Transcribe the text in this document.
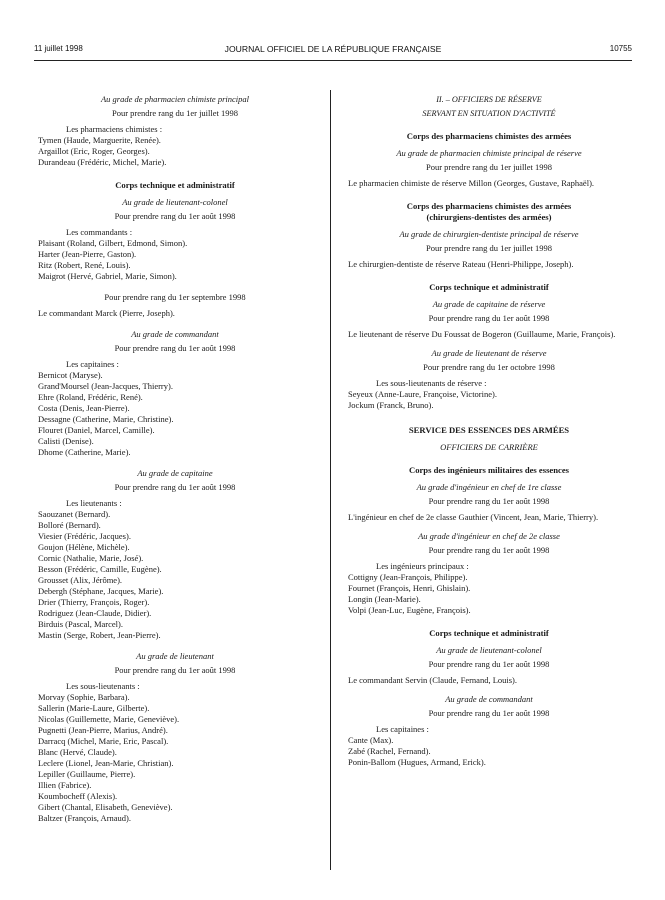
11 juillet 1998	JOURNAL OFFICIEL DE LA RÉPUBLIQUE FRANÇAISE	10755
Au grade de pharmacien chimiste principal
Pour prendre rang du 1er juillet 1998
Les pharmaciens chimistes :
Tymen (Haude, Marguerite, Renée).
Argaillot (Eric, Roger, Georges).
Durandeau (Frédéric, Michel, Marie).
Corps technique et administratif
Au grade de lieutenant-colonel
Pour prendre rang du 1er août 1998
Les commandants :
Plaisant (Roland, Gilbert, Edmond, Simon).
Harter (Jean-Pierre, Gaston).
Ritz (Robert, René, Louis).
Maigrot (Hervé, Gabriel, Marie, Simon).
Pour prendre rang du 1er septembre 1998
Le commandant Marck (Pierre, Joseph).
Au grade de commandant
Pour prendre rang du 1er août 1998
Les capitaines :
Bernicot (Maryse).
Grand'Moursel (Jean-Jacques, Thierry).
Ehre (Roland, Frédéric, René).
Costa (Denis, Jean-Pierre).
Dessagne (Catherine, Marie, Christine).
Flouret (Daniel, Marcel, Camille).
Calisti (Denise).
Dhome (Catherine, Marie).
Au grade de capitaine
Pour prendre rang du 1er août 1998
Les lieutenants :
Saouzanet (Bernard).
Bolloré (Bernard).
Viesier (Frédéric, Jacques).
Goujon (Hélène, Michèle).
Cornic (Nathalie, Marie, José).
Besson (Frédéric, Camille, Eugène).
Grousset (Alix, Jérôme).
Debergh (Stéphane, Jacques, Marie).
Drier (Thierry, François, Roger).
Rodriguez (Jean-Claude, Didier).
Birduis (Pascal, Marcel).
Mastin (Serge, Robert, Jean-Pierre).
Au grade de lieutenant
Pour prendre rang du 1er août 1998
Les sous-lieutenants :
Morvay (Sophie, Barbara).
Sallerin (Marie-Laure, Gilberte).
Nicolas (Guillemette, Marie, Geneviève).
Pugnetti (Jean-Pierre, Marius, André).
Darracq (Michel, Marie, Eric, Pascal).
Blanc (Hervé, Claude).
Leclere (Lionel, Jean-Marie, Christian).
Lepiller (Guillaume, Pierre).
Illien (Fabrice).
Koumbocheff (Alexis).
Gibert (Chantal, Elisabeth, Geneviève).
Baltzer (François, Arnaud).
II. – OFFICIERS DE RÉSERVE
SERVANT EN SITUATION D'ACTIVITÉ
Corps des pharmaciens chimistes des armées
Au grade de pharmacien chimiste principal de réserve
Pour prendre rang du 1er juillet 1998
Le pharmacien chimiste de réserve Millon (Georges, Gustave, Raphaël).
Corps des pharmaciens chimistes des armées
(chirurgiens-dentistes des armées)
Au grade de chirurgien-dentiste principal de réserve
Pour prendre rang du 1er juillet 1998
Le chirurgien-dentiste de réserve Rateau (Henri-Philippe, Joseph).
Corps technique et administratif
Au grade de capitaine de réserve
Pour prendre rang du 1er août 1998
Le lieutenant de réserve Du Foussat de Bogeron (Guillaume, Marie, François).
Au grade de lieutenant de réserve
Pour prendre rang du 1er octobre 1998
Les sous-lieutenants de réserve :
Seyeux (Anne-Laure, Françoise, Victorine).
Jockum (Franck, Bruno).
SERVICE DES ESSENCES DES ARMÉES
OFFICIERS DE CARRIÈRE
Corps des ingénieurs militaires des essences
Au grade d'ingénieur en chef de 1re classe
Pour prendre rang du 1er août 1998
L'ingénieur en chef de 2e classe Gauthier (Vincent, Jean, Marie, Thierry).
Au grade d'ingénieur en chef de 2e classe
Pour prendre rang du 1er août 1998
Les ingénieurs principaux :
Cottigny (Jean-François, Philippe).
Fournet (François, Henri, Ghislain).
Longin (Jean-Marie).
Volpi (Jean-Luc, Eugène, François).
Corps technique et administratif
Au grade de lieutenant-colonel
Pour prendre rang du 1er août 1998
Le commandant Servin (Claude, Fernand, Louis).
Au grade de commandant
Pour prendre rang du 1er août 1998
Les capitaines :
Cante (Max).
Zabé (Rachel, Fernand).
Ponin-Ballom (Hugues, Armand, Erick).
